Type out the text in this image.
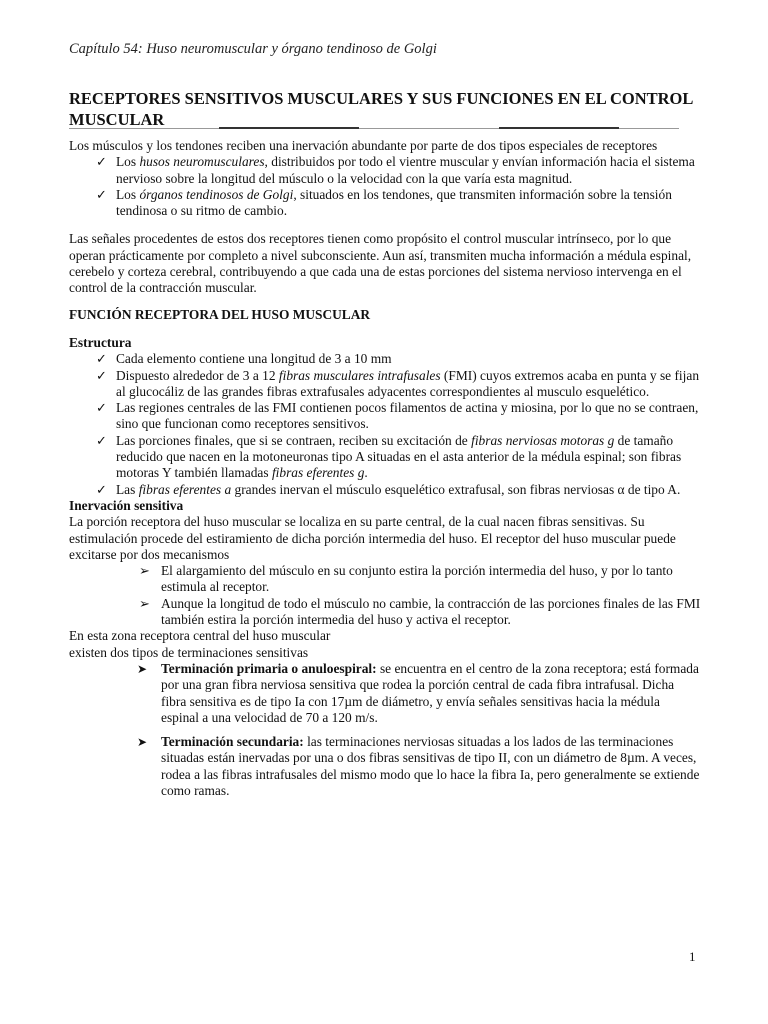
Capítulo 54: Huso neuromuscular y órgano tendinoso de Golgi
RECEPTORES SENSITIVOS MUSCULARES Y SUS FUNCIONES EN EL CONTROL MUSCULAR

Los músculos y los tendones reciben una inervación abundante por parte de dos tipos especiales de receptores

✓ Los husos neuromusculares, distribuidos por todo el vientre muscular y envían información hacia el sistema nervioso sobre la longitud del músculo o la velocidad con la que varía esta magnitud.
✓ Los órganos tendinosos de Golgi, situados en los tendones, que transmiten información sobre la tensión tendinosa o su ritmo de cambio.

Las señales procedentes de estos dos receptores tienen como propósito el control muscular intrínseco, por lo que operan prácticamente por completo a nivel subconsciente. Aun así, transmiten mucha información a médula espinal, cerebelo y corteza cerebral, contribuyendo a que cada una de estas porciones del sistema nervioso intervenga en el control de la contracción muscular.

FUNCIÓN RECEPTORA DEL HUSO MUSCULAR

Estructura

✓ Cada elemento contiene una longitud de 3 a 10 mm
✓ Dispuesto alrededor de 3 a 12 fibras musculares intrafusales (FMI) cuyos extremos acaba en punta y se fijan al glucocáliz de las grandes fibras extrafusales adyacentes correspondientes al musculo esquelético.
✓ Las regiones centrales de las FMI contienen pocos filamentos de actina y miosina, por lo que no se contraen, sino que funcionan como receptores sensitivos.
✓ Las porciones finales, que si se contraen, reciben su excitación de fibras nerviosas motoras g de tamaño reducido que nacen en la motoneuronas tipo A situadas en el asta anterior de la médula espinal; son fibras motoras Y también llamadas fibras eferentes g.
✓ Las fibras eferentes a grandes inervan el músculo esquelético extrafusal, son fibras nerviosas α de tipo A.

Inervación sensitiva

La porción receptora del huso muscular se localiza en su parte central, de la cual nacen fibras sensitivas. Su estimulación procede del estiramiento de dicha porción intermedia del huso. El receptor del huso muscular puede excitarse por dos mecanismos

➢ El alargamiento del músculo en su conjunto estira la porción intermedia del huso, y por lo tanto estimula al receptor.
➢ Aunque la longitud de todo el músculo no cambie, la contracción de las porciones finales de las FMI también estira la porción intermedia del huso y activa el receptor.

En esta zona receptora central del huso muscular existen dos tipos de terminaciones sensitivas

➤ Terminación primaria o anuloespiral: se encuentra en el centro de la zona receptora; está formada por una gran fibra nerviosa sensitiva que rodea la porción central de cada fibra intrafusal. Dicha fibra sensitiva es de tipo Ia con 17µm de diámetro, y envía señales sensitivas hacia la médula espinal a una velocidad de 70 a 120 m/s.
➤ Terminación secundaria: las terminaciones nerviosas situadas a los lados de las terminaciones situadas están inervadas por una o dos fibras sensitivas de tipo II, con un diámetro de 8µm. A veces, rodea a las fibras intrafusales del mismo modo que lo hace la fibra Ia, pero generalmente se extiende como ramas.
1
